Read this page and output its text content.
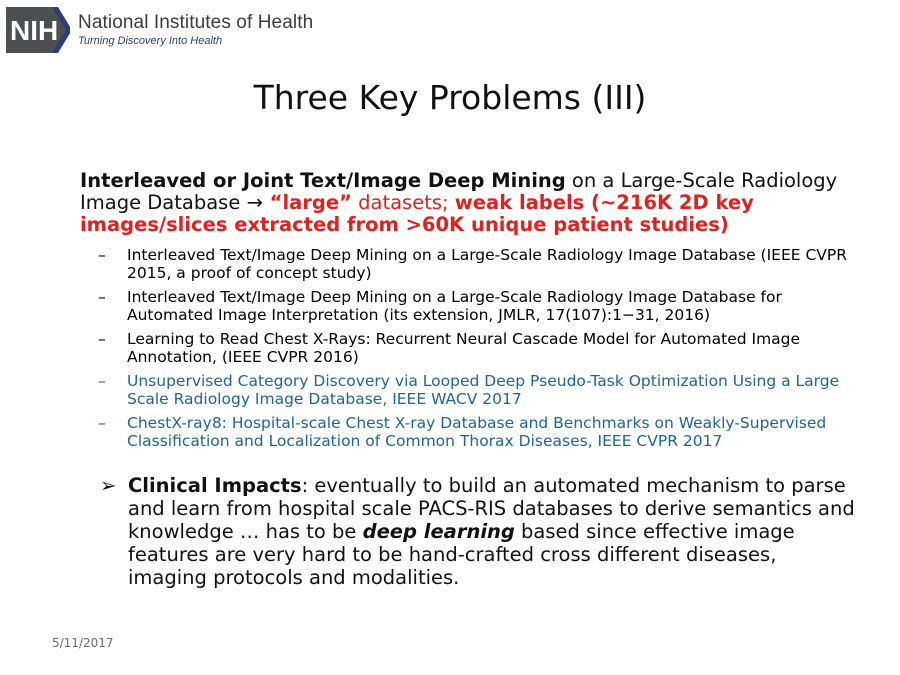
NIH National Institutes of Health
Turning Discovery Into Health
Three Key Problems (III)
Interleaved or Joint Text/Image Deep Mining on a Large-Scale Radiology Image Database → “large” datasets; weak labels (~216K 2D key images/slices extracted from >60K unique patient studies)
–	Interleaved Text/Image Deep Mining on a Large-Scale Radiology Image Database (IEEE CVPR 2015, a proof of concept study)
–	Interleaved Text/Image Deep Mining on a Large-Scale Radiology Image Database for Automated Image Interpretation (its extension, JMLR, 17(107):1−31, 2016)
–	Learning to Read Chest X-Rays: Recurrent Neural Cascade Model for Automated Image Annotation, (IEEE CVPR 2016)
–	Unsupervised Category Discovery via Looped Deep Pseudo-Task Optimization Using a Large Scale Radiology Image Database, IEEE WACV 2017
–	ChestX-ray8: Hospital-scale Chest X-ray Database and Benchmarks on Weakly-Supervised Classification and Localization of Common Thorax Diseases, IEEE CVPR 2017
➢ Clinical Impacts: eventually to build an automated mechanism to parse and learn from hospital scale PACS-RIS databases to derive semantics and knowledge … has to be deep learning based since effective image features are very hard to be hand-crafted cross different diseases, imaging protocols and modalities.
5/11/2017
